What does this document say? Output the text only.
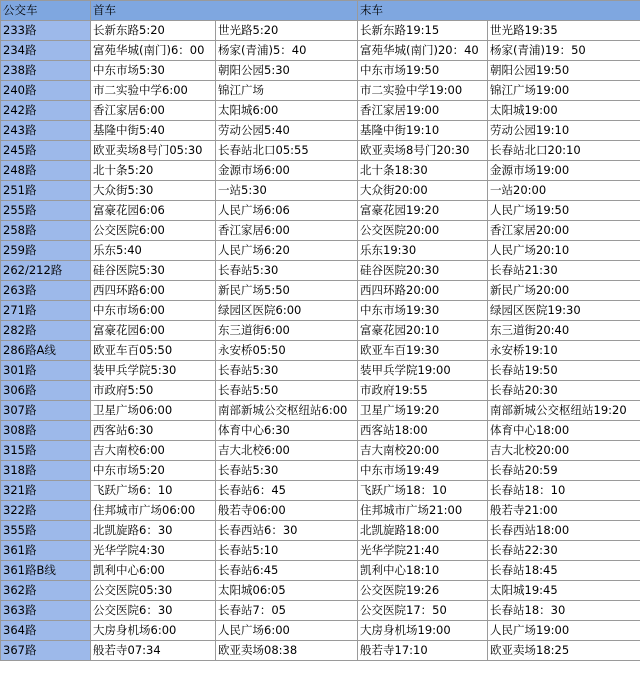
公交车	首车		末车	
233路	长新东路5:20	世光路5:20	长新东路19:15	世光路19:35
234路	富苑华城(南门)6：00	杨家(青浦)5：40	富苑华城(南门)20：40	杨家(青浦)19：50
238路	中东市场5:30	朝阳公园5:30	中东市场19:50	朝阳公园19:50
240路	市二实验中学6:00	锦江广场	市二实验中学19:00	锦江广场19:00
242路	香江家居6:00	太阳城6:00	香江家居19:00	太阳城19:00
243路	基隆中街5:40	劳动公园5:40	基隆中街19:10	劳动公园19:10
245路	欧亚卖场8号门05:30	长春站北口05:55	欧亚卖场8号门20:30	长春站北口20:10
248路	北十条5:20	金源市场6:00	北十条18:30	金源市场19:00
251路	大众街5:30	一站5:30	大众街20:00	一站20:00
255路	富豪花园6:06	人民广场6:06	富豪花园19:20	人民广场19:50
258路	公交医院6:00	香江家居6:00	公交医院20:00	香江家居20:00
259路	乐东5:40	人民广场6:20	乐东19:30	人民广场20:10
262/212路	硅谷医院5:30	长春站5:30	硅谷医院20:30	长春站21:30
263路	西四环路6:00	新民广场5:50	西四环路20:00	新民广场20:00
271路	中东市场6:00	绿园区医院6:00	中东市场19:30	绿园区医院19:30
282路	富豪花园6:00	东三道街6:00	富豪花园20:10	东三道街20:40
286路A线	欧亚车百05:50	永安桥05:50	欧亚车百19:30	永安桥19:10
301路	装甲兵学院5:30	长春站5:30	装甲兵学院19:00	长春站19:50
306路	市政府5:50	长春站5:50	市政府19:55	长春站20:30
307路	卫星广场06:00	南部新城公交枢纽站6:00	卫星广场19:20	南部新城公交枢纽站19:20
308路	西客站6:30	体育中心6:30	西客站18:00	体育中心18:00
315路	吉大南校6:00	吉大北校6:00	吉大南校20:00	吉大北校20:00
318路	中东市场5:20	长春站5:30	中东市场19:49	长春站20:59
321路	飞跃广场6：10	长春站6：45	飞跃广场18：10	长春站18：10
322路	住邦城市广场06:00	般若寺06:00	住邦城市广场21:00	般若寺21:00
355路	北凯旋路6：30	长春西站6：30	北凯旋路18:00	长春西站18:00
361路	光华学院4:30	长春站5:10	光华学院21:40	长春站22:30
361路B线	凯利中心6:00	长春站6:45	凯利中心18:10	长春站18:45
362路	公交医院05:30	太阳城06:05	公交医院19:26	太阳城19:45
363路	公交医院6：30	长春站7：05	公交医院17：50	长春站18：30
364路	大房身机场6:00	人民广场6:00	大房身机场19:00	人民广场19:00
367路	般若寺07:34	欧亚卖场08:38	般若寺17:10	欧亚卖场18:25
